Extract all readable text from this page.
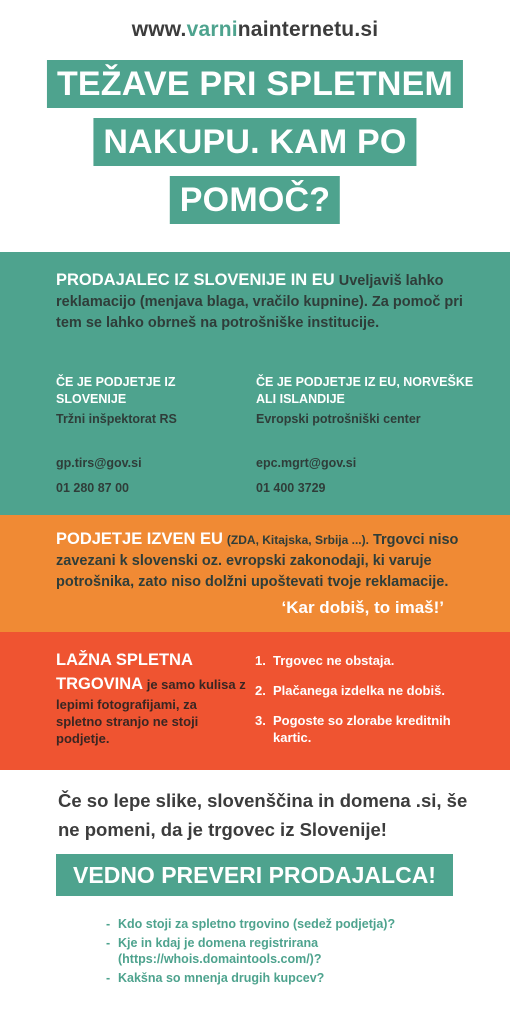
www.varninainternetu.si
TEŽAVE PRI SPLETNEM
NAKUPU. KAM PO
POMOČ?

PRODAJALEC IZ SLOVENIJE IN EU Uveljaviš lahko reklamacijo (menjava blaga, vračilo kupnine). Za pomoč pri tem se lahko obrneš na potrošniške institucije.

ČE JE PODJETJE IZ SLOVENIJE
Tržni inšpektorat RS
gp.tirs@gov.si
01 280 87 00
ČE JE PODJETJE IZ EU, NORVEŠKE ALI ISLANDIJE
Evropski potrošniški center
epc.mgrt@gov.si
01 400 3729

PODJETJE IZVEN EU (ZDA, Kitajska, Srbija ...). Trgovci niso zavezani k slovenski oz. evropski zakonodaji, ki varuje potrošnika, zato niso dolžni upoštevati tvoje reklamacije.

‘Kar dobiš, to imaš!’
LAŽNA SPLETNA
TRGOVINA je samo kulisa z lepimi fotografijami, za spletno stranjo ne stoji podjetje.
1. Trgovec ne obstaja.
2. Plačanega izdelka ne dobiš.
3. Pogoste so zlorabe kreditnih kartic.

Če so lepe slike, slovenščina in domena .si, še ne pomeni, da je trgovec iz Slovenije!

VEDNO PREVERI PRODAJALCA!
- Kdo stoji za spletno trgovino (sedež podjetja)?
- Kje in kdaj je domena registrirana (https://whois.domaintools.com/)?
- Kakšna so mnenja drugih kupcev?
